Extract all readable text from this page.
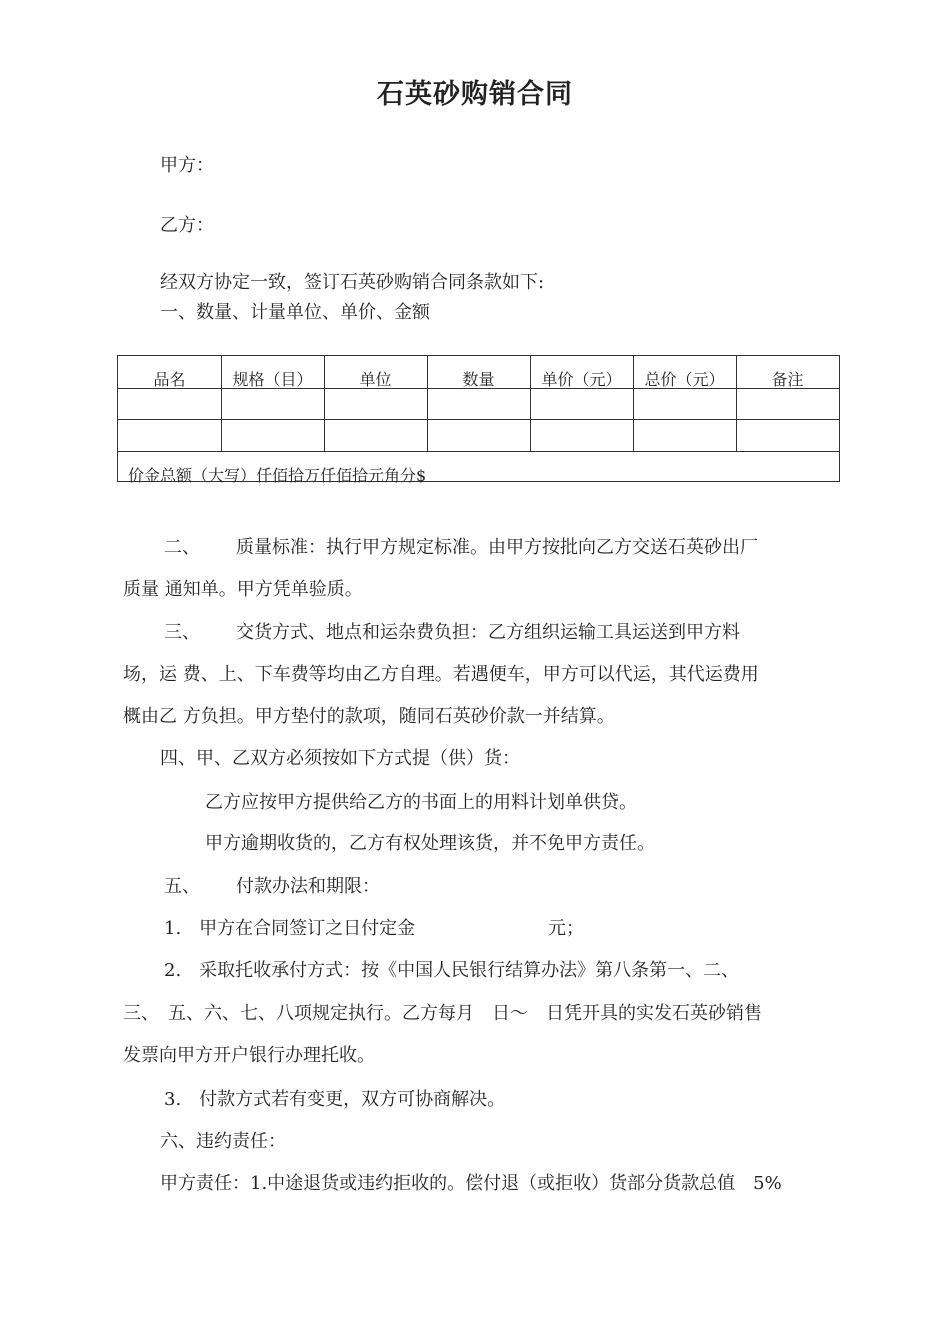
石英砂购销合同
甲方：
乙方：
经双方协定一致，签订石英砂购销合同条款如下:
一、数量、计量单位、单价、金额
品名	规格（目）	单位	数量	单价（元）	总价（元）	备注
价金总额（大写）仟佰拾万仟佰拾元角分$
二、 质量标准：执行甲方规定标准。由甲方按批向乙方交送石英砂出厂
质量 通知单。甲方凭单验质。
三、 交货方式、地点和运杂费负担：乙方组织运输工具运送到甲方料
场，运 费、上、下车费等均由乙方自理。若遇便车，甲方可以代运，其代运费用
概由乙 方负担。甲方垫付的款项，随同石英砂价款一并结算。
四、甲、乙双方必须按如下方式提（供）货：
乙方应按甲方提供给乙方的书面上的用料计划单供贷。
甲方逾期收货的，乙方有权处理该货，并不免甲方责任。
五、 付款办法和期限：
1.　甲方在合同签订之日付定金	元；
2.　采取托收承付方式：按《中国人民银行结算办法》第八条第一、二、
三、　五、六、七、八项规定执行。乙方每月　日～　日凭开具的实发石英砂销售
发票向甲方开户银行办理托收。
3.　付款方式若有变更，双方可协商解决。
六、违约责任：
甲方责任：1.中途退货或违约拒收的。偿付退（或拒收）货部分货款总值　5%
